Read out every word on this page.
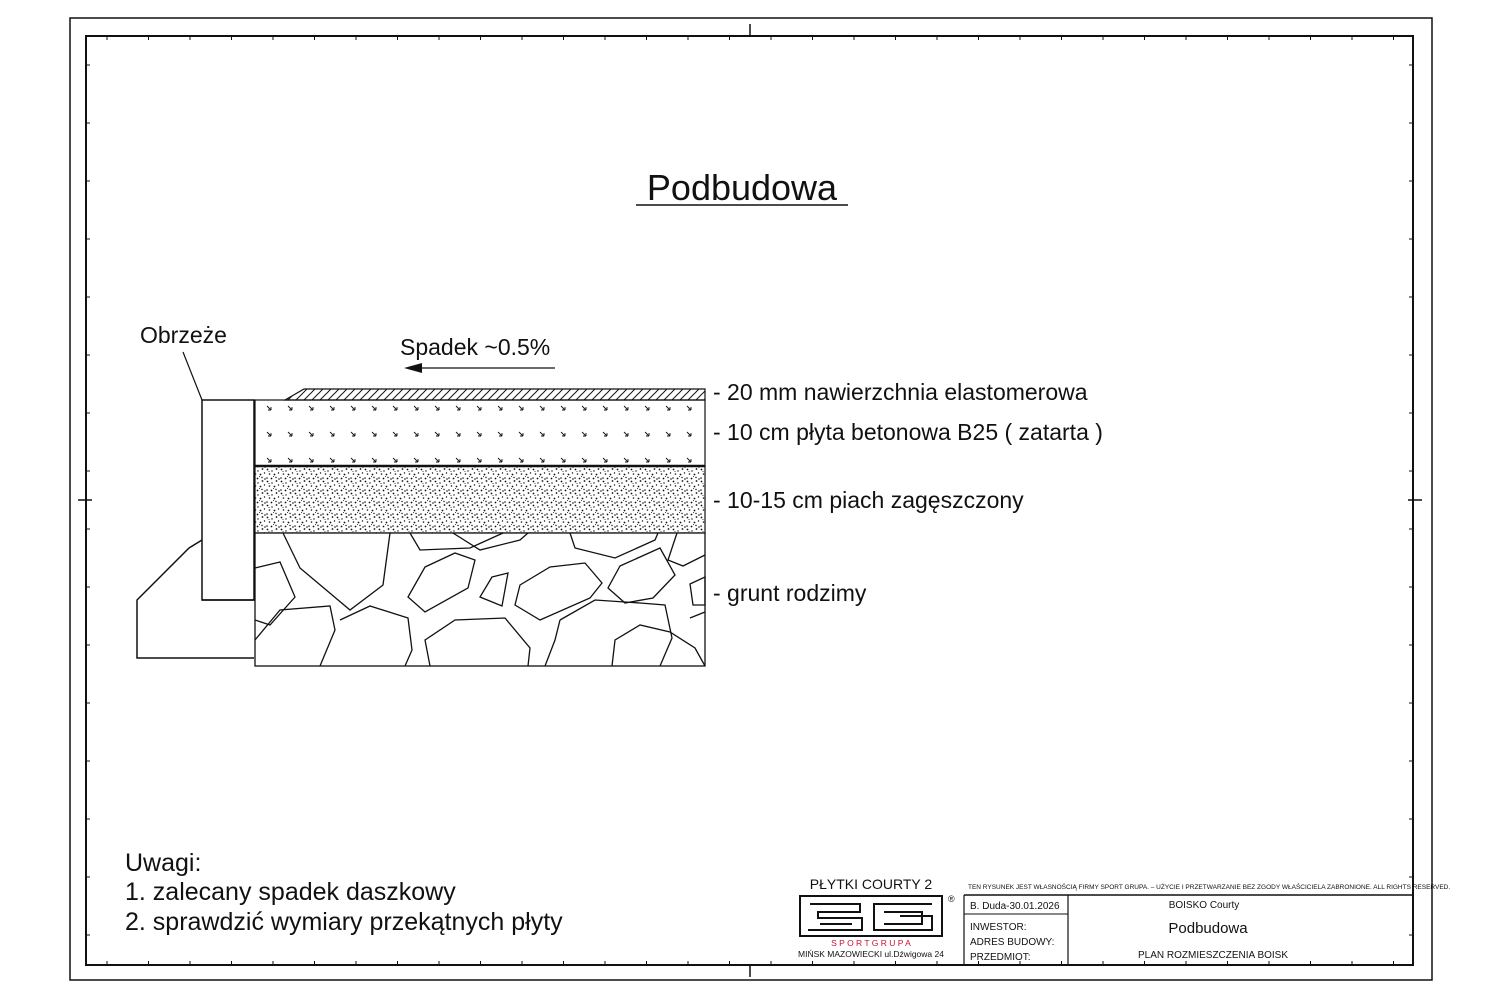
Podbudowa
Obrzeże	Spadek ~0.5%
- 20 mm nawierzchnia elastomerowa
- 10 cm płyta betonowa B25 ( zatarta )
- 10-15 cm piach zagęszczony
- grunt rodzimy
Uwagi:
1. zalecany spadek daszkowy
2. sprawdzić wymiary przekątnych płyty
PŁYTKI COURTY 2
®
S P O R T G R U P A
MIŃSK MAZOWIECKI ul.Dźwigowa 24
TEN RYSUNEK JEST WŁASNOŚCIĄ FIRMY SPORT GRUPA. – UŻYCIE I PRZETWARZANIE BEZ ZGODY WŁAŚCICIELA ZABRONIONE. ALL RIGHTS RESERVED.
B. Duda-30.01.2026
INWESTOR:
ADRES BUDOWY:
PRZEDMIOT:
BOISKO Courty
Podbudowa
PLAN ROZMIESZCZENIA BOISK
